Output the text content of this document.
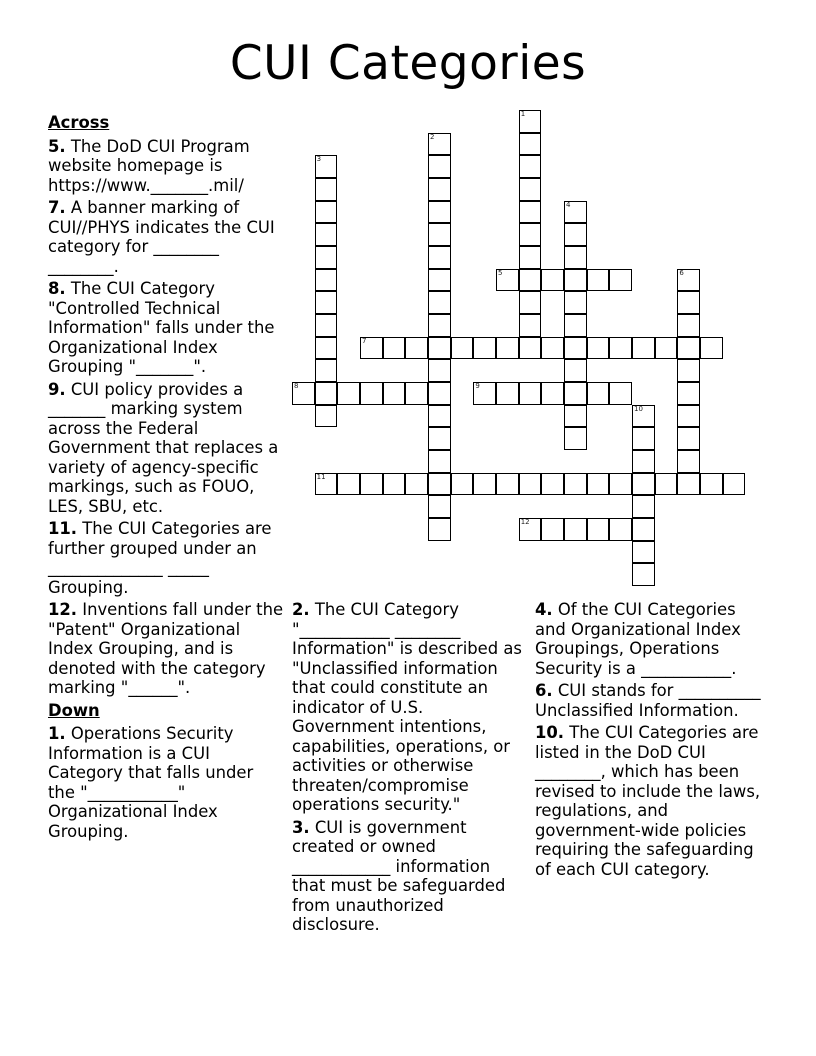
CUI Categories
Across
5. The DoD CUI Program website homepage is https://www._______.mil/
7. A banner marking of CUI//PHYS indicates the CUI category for ________ ________.
8. The CUI Category "Controlled Technical Information" falls under the Organizational Index Grouping "_______".
9. CUI policy provides a _______ marking system across the Federal Government that replaces a variety of agency-specific markings, such as FOUO, LES, SBU, etc.
11. The CUI Categories are further grouped under an ______________ _____ Grouping.
12. Inventions fall under the "Patent" Organizational Index Grouping, and is denoted with the category marking "______".
Down
1. Operations Security Information is a CUI Category that falls under the "___________" Organizational Index Grouping.
2. The CUI Category "___________ ________ Information" is described as "Unclassified information that could constitute an indicator of U.S. Government intentions, capabilities, operations, or activities or otherwise threaten/compromise operations security."
3. CUI is government created or owned ____________ information that must be safeguarded from unauthorized disclosure.
4. Of the CUI Categories and Organizational Index Groupings, Operations Security is a ___________.
6. CUI stands for __________ Unclassified Information.
10. The CUI Categories are listed in the DoD CUI ________, which has been revised to include the laws, regulations, and government-wide policies requiring the safeguarding of each CUI category.
1
2
3
4
5	6
7
8	9
10
11
12
